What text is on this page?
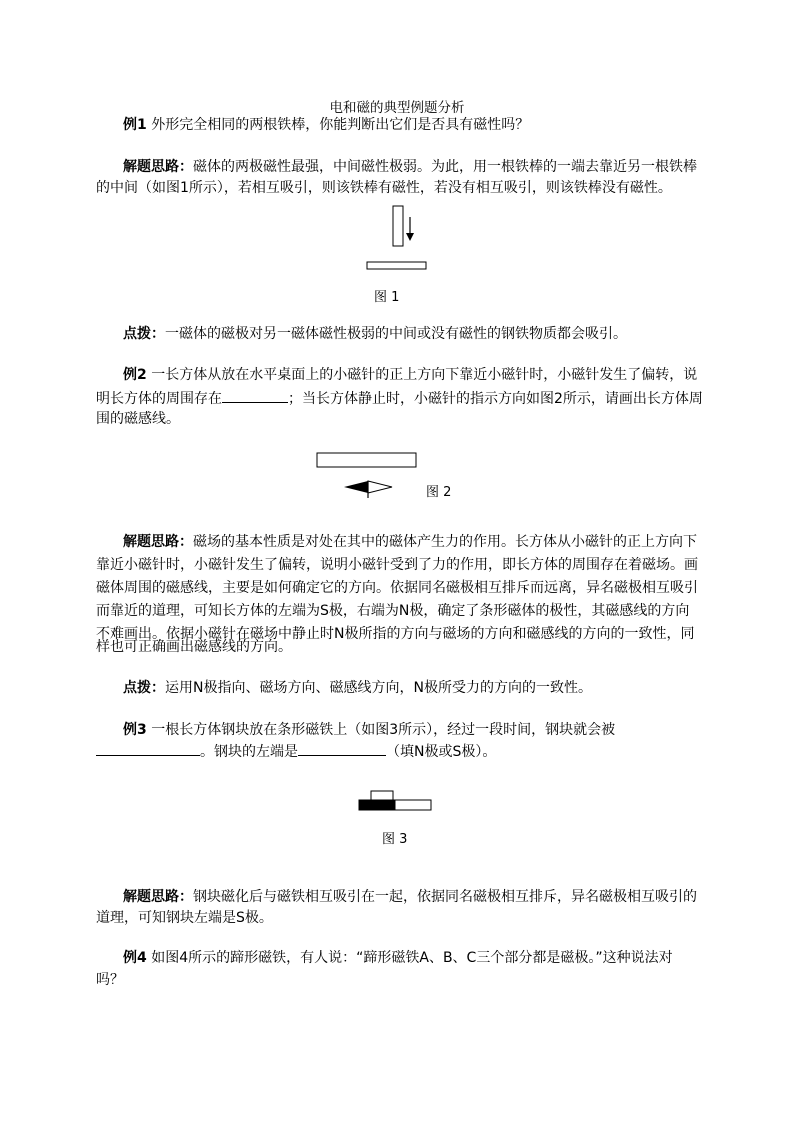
电和磁的典型例题分析
例1 外形完全相同的两根铁棒，你能判断出它们是否具有磁性吗？
解题思路：磁体的两极磁性最强，中间磁性极弱。为此，用一根铁棒的一端去靠近另一根铁棒
的中间（如图1所示），若相互吸引，则该铁棒有磁性，若没有相互吸引，则该铁棒没有磁性。
图 1
点拨：一磁体的磁极对另一磁体磁性极弱的中间或没有磁性的钢铁物质都会吸引。
例2 一长方体从放在水平桌面上的小磁针的正上方向下靠近小磁针时，小磁针发生了偏转，说
明长方体的周围存在	；当长方体静止时，小磁针的指示方向如图2所示，请画出长方体周
围的磁感线。
图 2
解题思路：磁场的基本性质是对处在其中的磁体产生力的作用。长方体从小磁针的正上方向下
靠近小磁针时，小磁针发生了偏转，说明小磁针受到了力的作用，即长方体的周围存在着磁场。画
磁体周围的磁感线，主要是如何确定它的方向。依据同名磁极相互排斥而远离，异名磁极相互吸引
而靠近的道理，可知长方体的左端为S极，右端为N极，确定了条形磁体的极性，其磁感线的方向
不难画出。依据小磁针在磁场中静止时N极所指的方向与磁场的方向和磁感线的方向的一致性，同
样也可正确画出磁感线的方向。
点拨：运用N极指向、磁场方向、磁感线方向，N极所受力的方向的一致性。
例3 一根长方体钢块放在条形磁铁上（如图3所示），经过一段时间，钢块就会被
。钢块的左端是	（填N极或S极）。
图 3
解题思路：钢块磁化后与磁铁相互吸引在一起，依据同名磁极相互排斥，异名磁极相互吸引的
道理，可知钢块左端是S极。
例4 如图4所示的蹄形磁铁，有人说：“蹄形磁铁A、B、C三个部分都是磁极。”这种说法对
吗？
